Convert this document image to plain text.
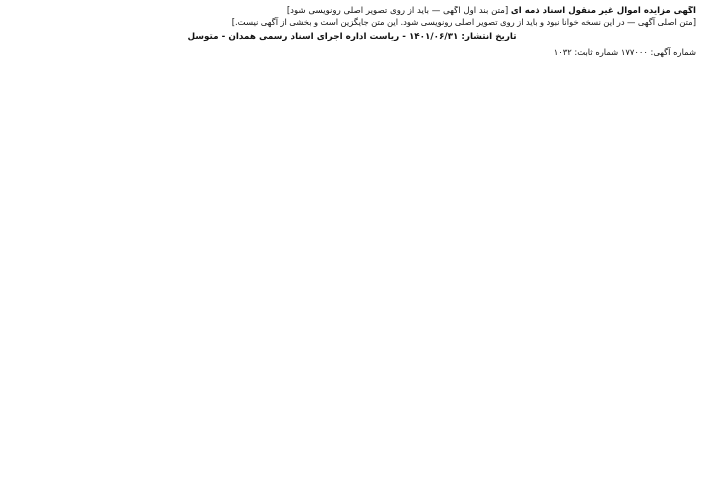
آگهی مزایده اموال غیر منقول اسناد ذمه ای [متن بند اول آگهی — باید از روی تصویر اصلی رونویسی شود]
[متن اصلی آگهی — در این نسخه خوانا نبود و باید از روی تصویر اصلی رونویسی شود. این متن جایگزین است و بخشی از آگهی نیست.]
تاریخ انتشار: ۱۴۰۱/۰۶/۳۱ - ریاست اداره اجرای اسناد رسمی همدان - متوسل
شماره آگهی: ۱۷۷۰۰۰ شماره ثابت: ۱۰۳۲
